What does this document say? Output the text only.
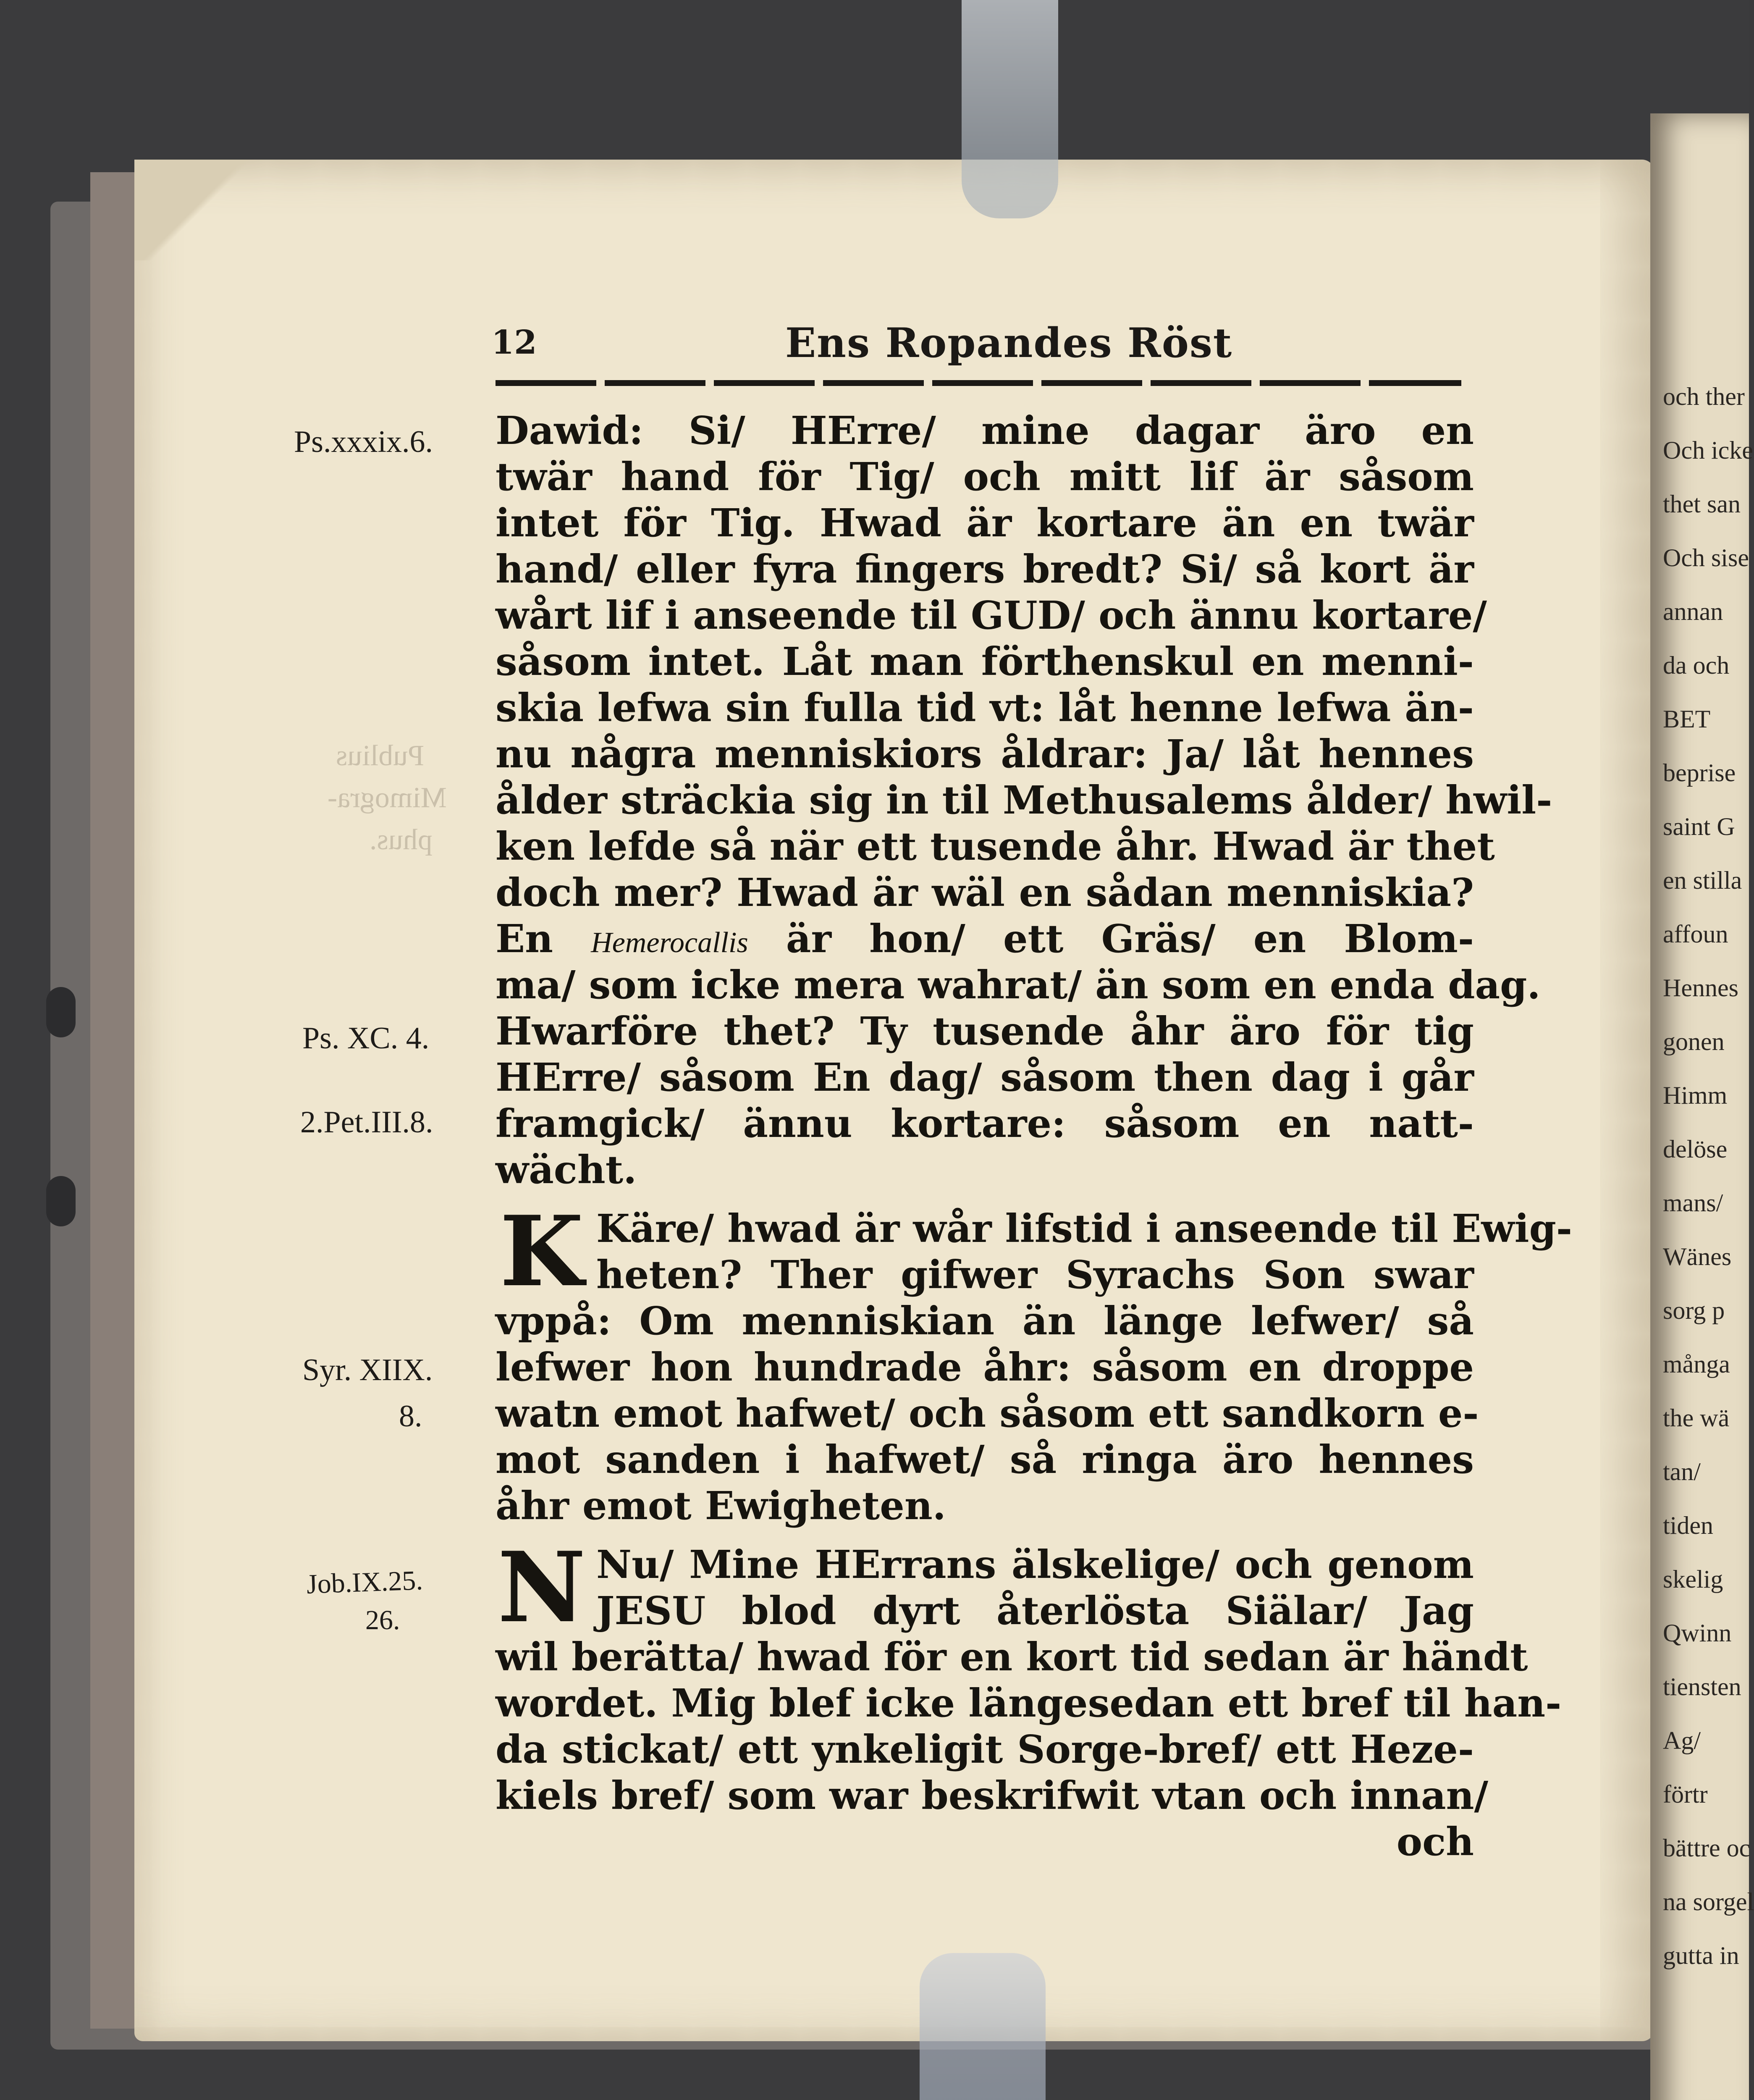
och ther
Och icke
thet san
Och sise
annan
da och
BET
beprise
saint G
en stilla
affoun
Hennes
gonen
Himm
delöse
mans/
Wänes
sorg p
många
the wä
tan/
tiden
skelig
Qwinn
tiensten
Ag/
förtr
bättre oc
na sorgel
gutta in
12	Ens Ropandes Röst
Ps.xxxix.6.
Ps. XC. 4.
2.Pet.III.8.
Syr. XIIX.
8.
Job.IX.25.
26.
Publius
Mimogra-
phus.
Dawid: Si/ HErre/ mine dagar äro en
twär hand för Tig/ och mitt lif är såsom
intet för Tig. Hwad är kortare än en twär
hand/ eller fyra fingers bredt? Si/ så kort är
wårt lif i anseende til GUD/ och ännu kortare/
såsom intet. Låt man förthenskul en menni-
skia lefwa sin fulla tid vt: låt henne lefwa än-
nu några menniskiors åldrar: Ja/ låt hennes
ålder sträckia sig in til Methusalems ålder/ hwil-
ken lefde så när ett tusende åhr. Hwad är thet
doch mer? Hwad är wäl en sådan menniskia?
En Hemerocallis är hon/ ett Gräs/ en Blom-
ma/ som icke mera wahrat/ än som en enda dag.
Hwarföre thet? Ty tusende åhr äro för tig
HErre/ såsom En dag/ såsom then dag i går
framgick/ ännu kortare: såsom en natt-
wächt.
K Käre/ hwad är wår lifstid i anseende til Ewig-
heten? Ther gifwer Syrachs Son swar
vppå: Om menniskian än länge lefwer/ så
lefwer hon hundrade åhr: såsom en droppe
watn emot hafwet/ och såsom ett sandkorn e-
mot sanden i hafwet/ så ringa äro hennes
åhr emot Ewigheten.
N Nu/ Mine HErrans älskelige/ och genom
JESU blod dyrt återlösta Siälar/ Jag
wil berätta/ hwad för en kort tid sedan är händt
wordet. Mig blef icke längesedan ett bref til han-
da stickat/ ett ynkeligit Sorge-bref/ ett Heze-
kiels bref/ som war beskrifwit vtan och innan/
och
